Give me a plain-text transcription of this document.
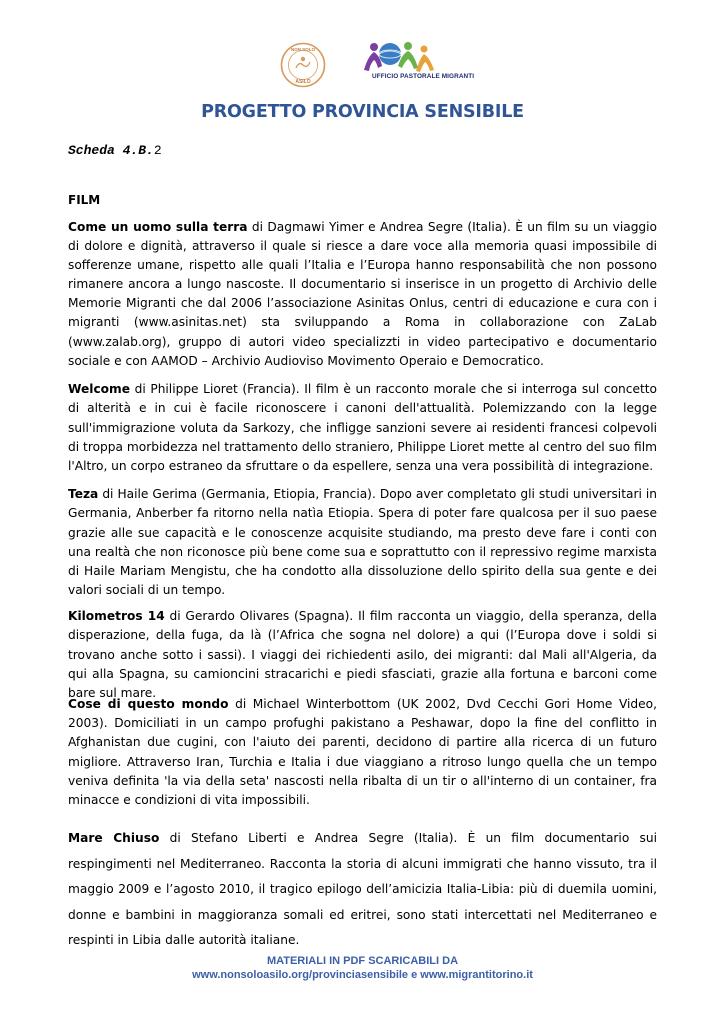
NON SOLO
ASILO
UFFICIO PASTORALE MIGRANTI
PROGETTO PROVINCIA SENSIBILE
Scheda 4.B.2
FILM

Come un uomo sulla terra di Dagmawi Yimer e Andrea Segre (Italia). È un film su un viaggio di dolore e dignità, attraverso il quale si riesce a dare voce alla memoria quasi impossibile di sofferenze umane, rispetto alle quali l’Italia e l’Europa hanno responsabilità che non possono rimanere ancora a lungo nascoste. Il documentario si inserisce in un progetto di Archivio delle Memorie Migranti che dal 2006 l’associazione Asinitas Onlus, centri di educazione e cura con i migranti (www.asinitas.net) sta sviluppando a Roma in collaborazione con ZaLab (www.zalab.org), gruppo di autori video specializzti in video partecipativo e documentario sociale e con AAMOD – Archivio Audioviso Movimento Operaio e Democratico.

Welcome di Philippe Lioret (Francia). Il film è un racconto morale che si interroga sul concetto di alterità e in cui è facile riconoscere i canoni dell'attualità. Polemizzando con la legge sull'immigrazione voluta da Sarkozy, che infligge sanzioni severe ai residenti francesi colpevoli di troppa morbidezza nel trattamento dello straniero, Philippe Lioret mette al centro del suo film l'Altro, un corpo estraneo da sfruttare o da espellere, senza una vera possibilità di integrazione.

Teza di Haile Gerima (Germania, Etiopia, Francia). Dopo aver completato gli studi universitari in Germania, Anberber fa ritorno nella natìa Etiopia. Spera di poter fare qualcosa per il suo paese grazie alle sue capacità e le conoscenze acquisite studiando, ma presto deve fare i conti con una realtà che non riconosce più bene come sua e soprattutto con il repressivo regime marxista di Haile Mariam Mengistu, che ha condotto alla dissoluzione dello spirito della sua gente e dei valori sociali di un tempo.

Kilometros 14 di Gerardo Olivares (Spagna). Il film racconta un viaggio, della speranza, della disperazione, della fuga, da là (l’Africa che sogna nel dolore) a qui (l’Europa dove i soldi si trovano anche sotto i sassi). I viaggi dei richiedenti asilo, dei migranti: dal Mali all'Algeria, da qui alla Spagna, su camioncini stracarichi e piedi sfasciati, grazie alla fortuna e barconi come bare sul mare.

Cose di questo mondo di Michael Winterbottom (UK 2002, Dvd Cecchi Gori Home Video, 2003). Domiciliati in un campo profughi pakistano a Peshawar, dopo la fine del conflitto in Afghanistan due cugini, con l'aiuto dei parenti, decidono di partire alla ricerca di un futuro migliore. Attraverso Iran, Turchia e Italia i due viaggiano a ritroso lungo quella che un tempo veniva definita 'la via della seta' nascosti nella ribalta di un tir o all'interno di un container, fra minacce e condizioni di vita impossibili.

Mare Chiuso di Stefano Liberti e Andrea Segre (Italia). È un film documentario sui respingimenti nel Mediterraneo. Racconta la storia di alcuni immigrati che hanno vissuto, tra il maggio 2009 e l’agosto 2010, il tragico epilogo dell’amicizia Italia-Libia: più di duemila uomini, donne e bambini in maggioranza somali ed eritrei, sono stati intercettati nel Mediterraneo e respinti in Libia dalle autorità italiane.

MATERIALI IN PDF SCARICABILI DA
www.nonsoloasilo.org/provinciasensibile e www.migrantitorino.it
